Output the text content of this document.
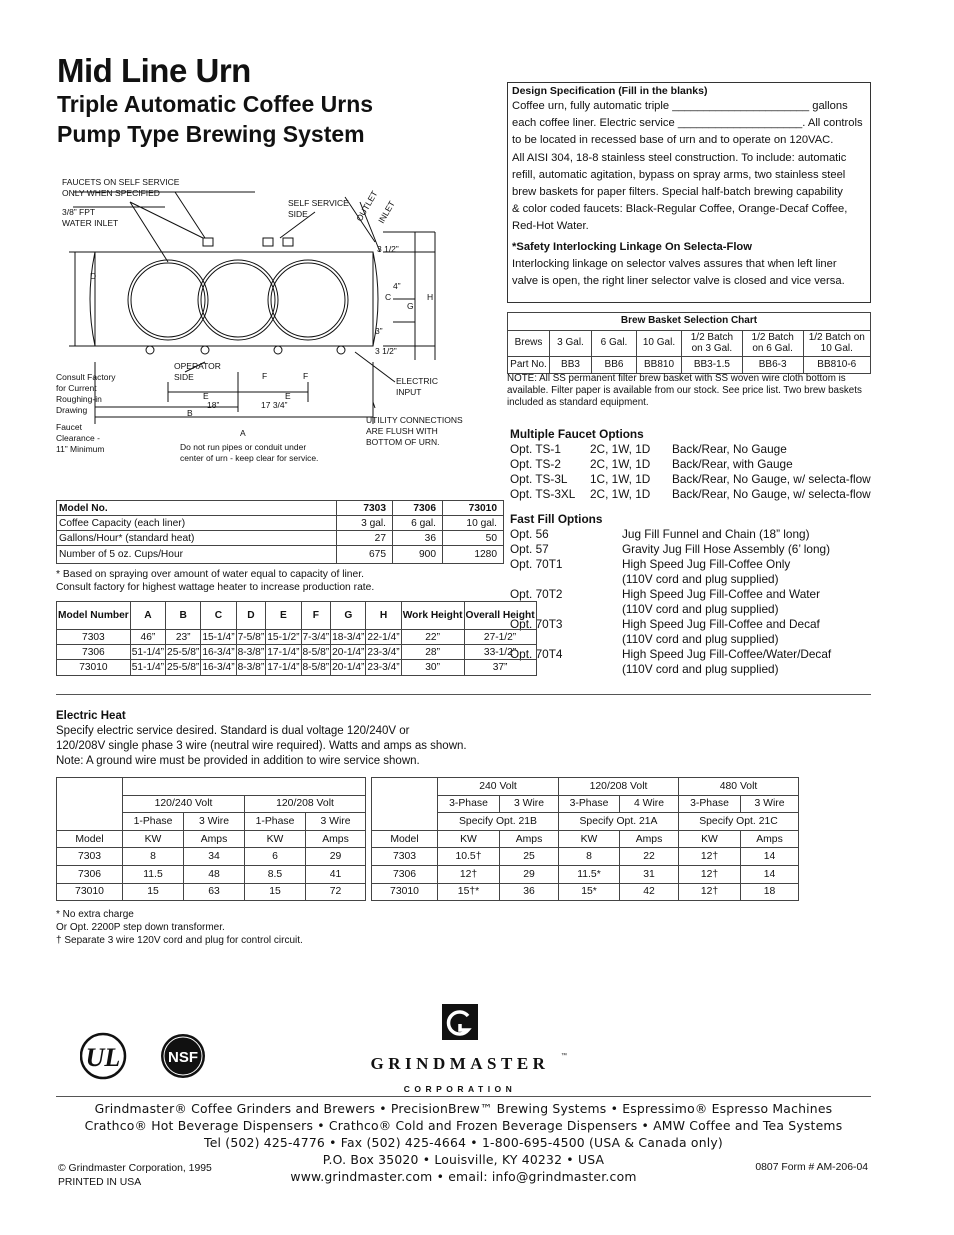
Mid Line Urn
Triple Automatic Coffee Urns
Pump Type Brewing System
Design Specification (Fill in the blanks)
Coffee urn, fully automatic triple ______________________ gallons
each coffee liner. Electric service ____________________. All controls
to be located in recessed base of urn and to operate on 120VAC.
All AISI 304, 18-8 stainless steel construction. To include: automatic
refill, automatic agitation, bypass on spray arms, two stainless steel
brew baskets for paper filters. Special half-batch brewing capability
& color coded faucets: Black-Regular Coffee, Orange-Decaf Coffee,
Red-Hot Water.
*Safety Interlocking Linkage On Selecta-Flow
Interlocking linkage on selector valves assures that when left liner
valve is open, the right liner selector valve is closed and vice versa.
Brew Basket Selection Chart						
Brews	3 Gal.	6 Gal.	10 Gal.	1/2 Batch on 3 Gal.	1/2 Batch on 6 Gal.	1/2 Batch on 10 Gal.
Part No.	BB3	BB6	BB810	BB3-1.5	BB6-3	BB810-6
NOTE: All SS permanent filter brew basket with SS woven wire cloth bottom is available. Filter paper is available from our stock. See price list. Two brew baskets included as standard equipment.
Multiple Faucet Options
Opt. TS-1	2C, 1W, 1D	Back/Rear, No Gauge
Opt. TS-2	2C, 1W, 1D	Back/Rear, with Gauge
Opt. TS-3L	1C, 1W, 1D	Back/Rear, No Gauge, w/ selecta-flow
Opt. TS-3XL	2C, 1W, 1D	Back/Rear, No Gauge, w/ selecta-flow
Fast Fill Options
Opt. 56	Jug Fill Funnel and Chain (18” long)
Opt. 57	Gravity Jug Fill Hose Assembly (6’ long)
Opt. 70T1	High Speed Jug Fill-Coffee Only
(110V cord and plug supplied)
Opt. 70T2	High Speed Jug Fill-Coffee and Water
(110V cord and plug supplied)
Opt. 70T3	High Speed Jug Fill-Coffee and Decaf
(110V cord and plug supplied)
Opt. 70T4	High Speed Jug Fill-Coffee/Water/Decaf
(110V cord and plug supplied)
FAUCETS ON SELF SERVICE
ONLY WHEN SPECIFIED
3/8” FPT
WATER INLET
SELF SERVICE
SIDE	OUTLET
INLET
3 1/2”
4”
3”
3 1/2”
D
C
G
H
A
B
E	E
F	F
OPERATOR
SIDE	ELECTRIC
INPUT
Consult Factory
for Current
Roughing-in
Drawing
Faucet
Clearance -
11” Minimum
18”	17 3/4”
Do not run pipes or conduit under
center of urn - keep clear for service.
UTILITY CONNECTIONS
ARE FLUSH WITH
BOTTOM OF URN.
Model No.	7303	7306	73010
Coffee Capacity (each liner)	3 gal.	6 gal.	10 gal.
Gallons/Hour* (standard heat)	27	36	50
Number of 5 oz. Cups/Hour	675	900	1280
* Based on spraying over amount of water equal to capacity of liner.
Consult factory for highest wattage heater to increase production rate.
Model Number	A	B	C	D	E	F	G	H	Work Height	Overall Height
7303	46”	23”	15-1/4”	7-5/8”	15-1/2”	7-3/4”	18-3/4”	22-1/4”	22”	27-1/2”
7306	51-1/4”	25-5/8”	16-3/4”	8-3/8”	17-1/4”	8-5/8”	20-1/4”	23-3/4”	28”	33-1/2”
73010	51-1/4”	25-5/8”	16-3/4”	8-3/8”	17-1/4”	8-5/8”	20-1/4”	23-3/4”	30”	37”
Electric Heat
Specify electric service desired. Standard is dual voltage 120/240V or
120/208V single phase 3 wire (neutral wire required). Watts and amps as shown.
Note: A ground wire must be provided in addition to wire service shown.
							240 Volt		120/208 Volt		480 Volt	
	120/240 Volt		120/208 Volt				3-Phase	3 Wire	3-Phase	4 Wire	3-Phase	3 Wire
	1-Phase	3 Wire	1-Phase	3 Wire			Specify Opt. 21B		Specify Opt. 21A		Specify Opt. 21C	
Model	KW	Amps	KW	Amps		Model	KW	Amps	KW	Amps	KW	Amps
7303	8	34	6	29		7303	10.5†	25	8	22	12†	14
7306	11.5	48	8.5	41		7306	12†	29	11.5*	31	12†	14
73010	15	63	15	72		73010	15†*	36	15*	42	12†	18
* No extra charge
Or Opt. 2200P step down transformer.
† Separate 3 wire 120V cord and plug for control circuit.
UL	NSF	GRINDMASTER ™
CORPORATION
Grindmaster® Coffee Grinders and Brewers • PrecisionBrew™ Brewing Systems • Espressimo® Espresso Machines
Crathco® Hot Beverage Dispensers • Crathco® Cold and Frozen Beverage Dispensers • AMW Coffee and Tea Systems
Tel (502) 425-4776 • Fax (502) 425-4664 • 1-800-695-4500 (USA & Canada only)
P.O. Box 35020 • Louisville, KY 40232 • USA
www.grindmaster.com • email: info@grindmaster.com
© Grindmaster Corporation, 1995
PRINTED IN USA
0807 Form # AM-206-04
